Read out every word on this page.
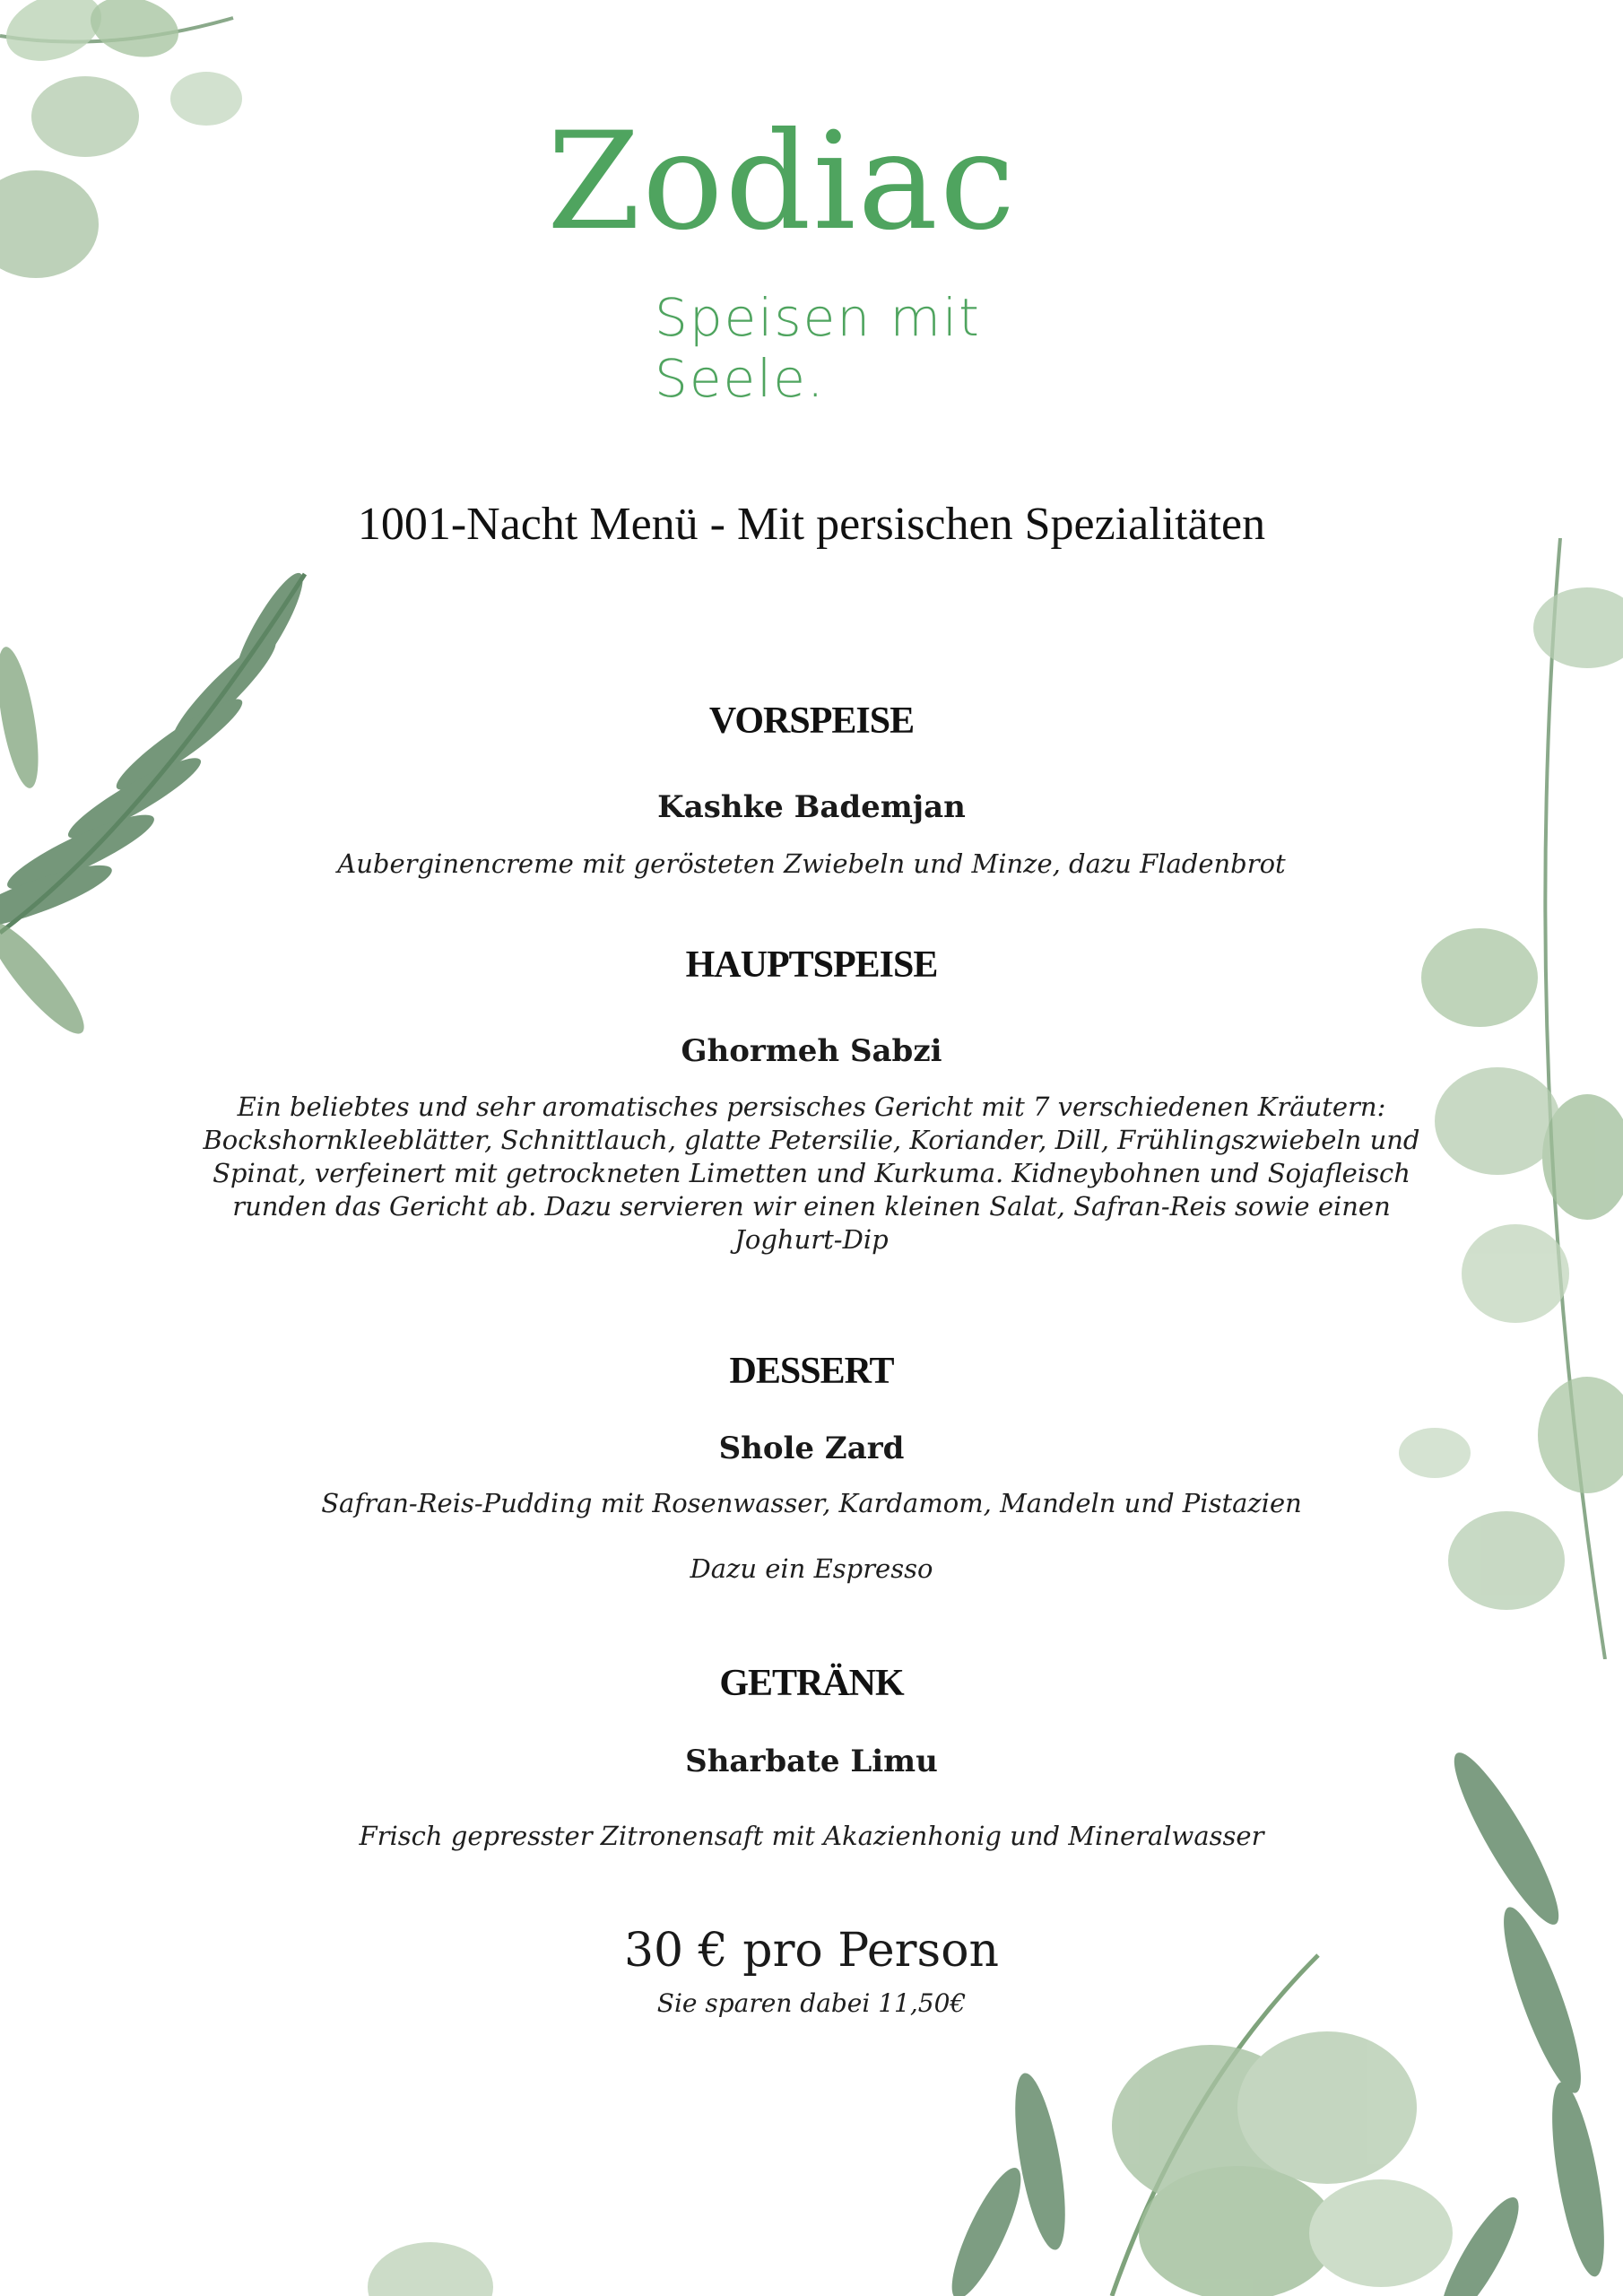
Zodiac
Speisen mit Seele.
1001-Nacht Menü - Mit persischen Spezialitäten
VORSPEISE
Kashke Bademjan
Auberginencreme mit gerösteten Zwiebeln und Minze, dazu Fladenbrot
HAUPTSPEISE
Ghormeh Sabzi
Ein beliebtes und sehr aromatisches persisches Gericht mit 7 verschiedenen Kräutern:
Bockshornkleeblätter, Schnittlauch, glatte Petersilie, Koriander, Dill, Frühlingszwiebeln und
Spinat, verfeinert mit getrockneten Limetten und Kurkuma. Kidneybohnen und Sojafleisch
runden das Gericht ab. Dazu servieren wir einen kleinen Salat, Safran-Reis sowie einen
Joghurt-Dip
DESSERT
Shole Zard
Safran-Reis-Pudding mit Rosenwasser, Kardamom, Mandeln und Pistazien
Dazu ein Espresso
GETRÄNK
Sharbate Limu
Frisch gepresster Zitronensaft mit Akazienhonig und Mineralwasser
30 € pro Person
Sie sparen dabei 11,50€
